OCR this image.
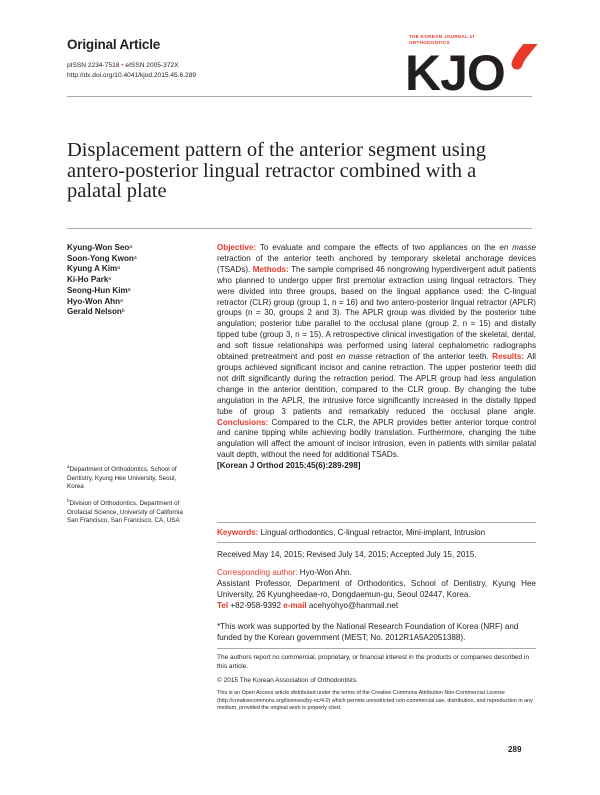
Original Article
pISSN 2234-7518 • eISSN 2005-372X
http://dx.doi.org/10.4041/kjod.2015.45.6.289
THE KOREAN JOURNAL of
ORTHODONTICS
KJO
Displacement pattern of the anterior segment using antero-posterior lingual retractor combined with a palatal plate
Kyung-Won Seo$^a$
Soon-Yong Kwon$^a$
Kyung A Kim$^a$
Ki-Ho Park$^a$
Seong-Hun Kim$^a$
Hyo-Won Ahn$^a$
Gerald Nelson$^b$
$^a$Department of Orthodontics, School of Dentistry, Kyung Hee University, Seoul, Korea
$^b$Division of Orthodontics, Department of Orofacial Science, University of California San Francisco, San Francisco, CA, USA
Objective: To evaluate and compare the effects of two appliances on the en masse retraction of the anterior teeth anchored by temporary skeletal anchorage devices (TSADs). Methods: The sample comprised 46 nongrowing hyperdivergent adult patients who planned to undergo upper first premolar extraction using lingual retractors. They were divided into three groups, based on the lingual appliance used: the C-lingual retractor (CLR) group (group 1, n = 16) and two antero-posterior lingual retractor (APLR) groups (n = 30, groups 2 and 3). The APLR group was divided by the posterior tube angulation; posterior tube parallel to the occlusal plane (group 2, n = 15) and distally tipped tube (group 3, n = 15). A retrospective clinical investigation of the skeletal, dental, and soft tissue relationships was performed using lateral cephalometric radiographs obtained pretreatment and post en masse retraction of the anterior teeth. Results: All groups achieved significant incisor and canine retraction. The upper posterior teeth did not drift significantly during the retraction period. The APLR group had less angulation change in the anterior dentition, compared to the CLR group. By changing the tube angulation in the APLR, the intrusive force significantly increased in the distally tipped tube of group 3 patients and remarkably reduced the occlusal plane angle. Conclusions: Compared to the CLR, the APLR provides better anterior torque control and canine tipping while achieving bodily translation. Furthermore, changing the tube angulation will affect the amount of incisor intrusion, even in patients with similar palatal vault depth, without the need for additional TSADs.
[Korean J Orthod 2015;45(6):289-298]
Keywords: Lingual orthodontics, C-lingual retractor, Mini-implant, Intrusion
Received May 14, 2015; Revised July 14, 2015; Accepted July 15, 2015.
Corresponding author: Hyo-Won Ahn.
Assistant Professor, Department of Orthodontics, School of Dentistry, Kyung Hee University, 26 Kyungheedae-ro, Dongdaemun-gu, Seoul 02447, Korea.
Tel +82-958-9392 e-mail acehyohyo@hanmail.net
*This work was supported by the National Research Foundation of Korea (NRF) and funded by the Korean government (MEST; No. 2012R1A5A2051388).
The authors report no commercial, proprietary, or financial interest in the products or companies described in this article.
© 2015 The Korean Association of Orthodontists.
This is an Open Access article distributed under the terms of the Creative Commons Attribution Non-Commercial License (http://creativecommons.org/licenses/by-nc/4.0) which permits unrestricted non-commercial use, distribution, and reproduction in any medium, provided the original work is properly cited.
289
